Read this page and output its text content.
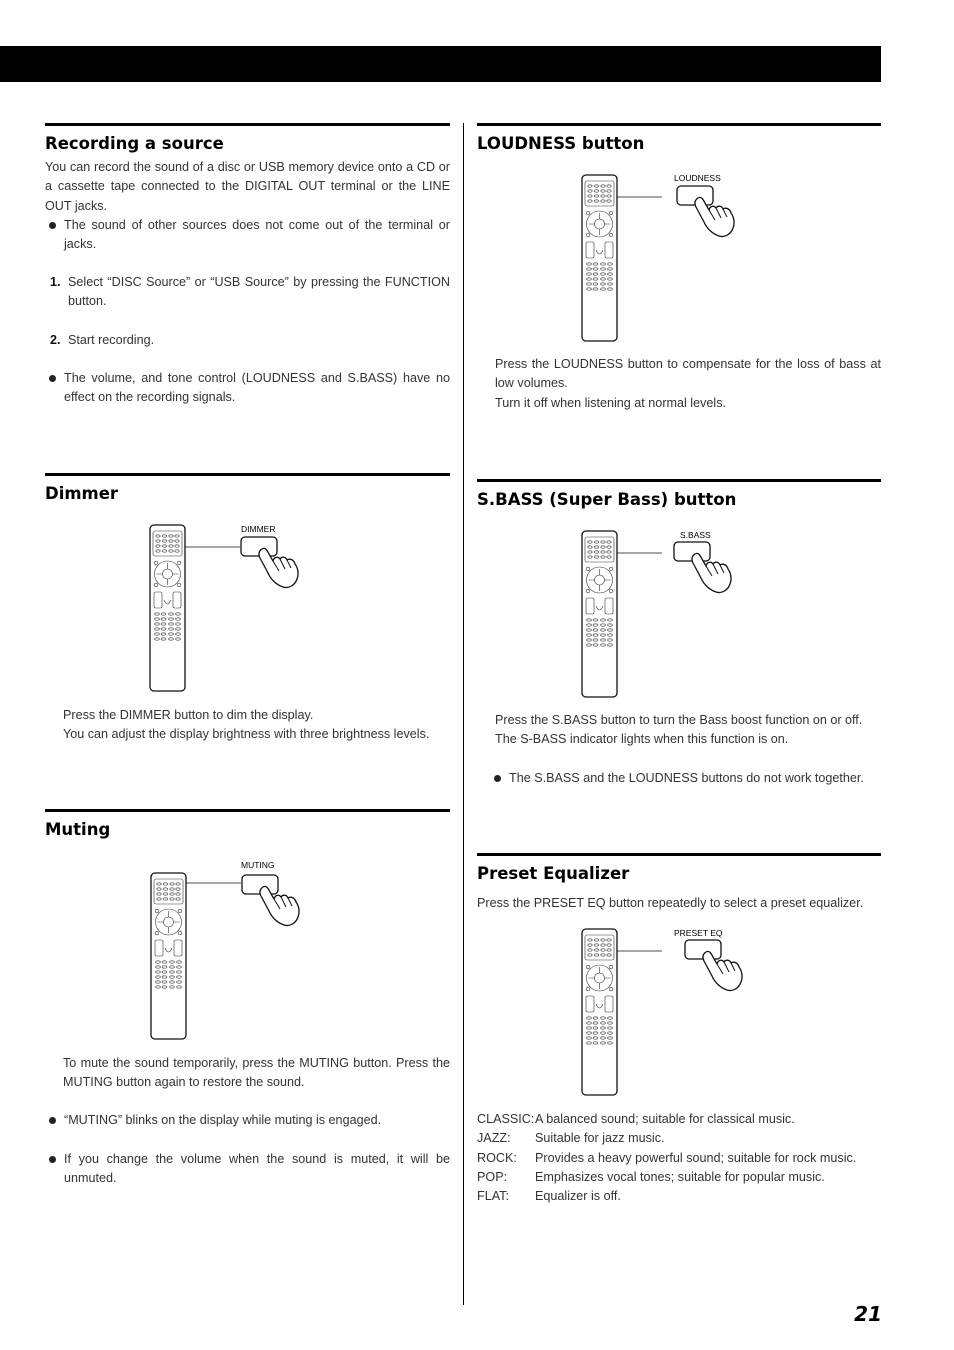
Recording a source
You can record the sound of a disc or USB memory device onto a CD or a cassette tape connected to the DIGITAL OUT terminal or the LINE OUT jacks.
The sound of other sources does not come out of the terminal or jacks.
1. Select “DISC Source” or “USB Source” by pressing the FUNCTION button.
2. Start recording.
The volume, and tone control (LOUDNESS and S.BASS) have no effect on the recording signals.
Dimmer
DIMMER
Press the DIMMER button to dim the display.
You can adjust the display brightness with three brightness levels.
Muting
MUTING
To mute the sound temporarily, press the MUTING button. Press the MUTING button again to restore the sound.
“MUTING” blinks on the display while muting is engaged.
If you change the volume when the sound is muted, it will be unmuted.
LOUDNESS button
LOUDNESS
Press the LOUDNESS button to compensate for the loss of bass at low volumes.
Turn it off when listening at normal levels.
S.BASS (Super Bass) button
S.BASS
Press the S.BASS button to turn the Bass boost function on or off.
The S-BASS indicator lights when this function is on.
The S.BASS and the LOUDNESS buttons do not work together.
Preset Equalizer
Press the PRESET EQ button repeatedly to select a preset equalizer.
PRESET EQ
CLASSIC:A balanced sound; suitable for classical music.
JAZZ: Suitable for jazz music.
ROCK: Provides a heavy powerful sound; suitable for rock music.
POP: Emphasizes vocal tones; suitable for popular music.
FLAT: Equalizer is off.
21
